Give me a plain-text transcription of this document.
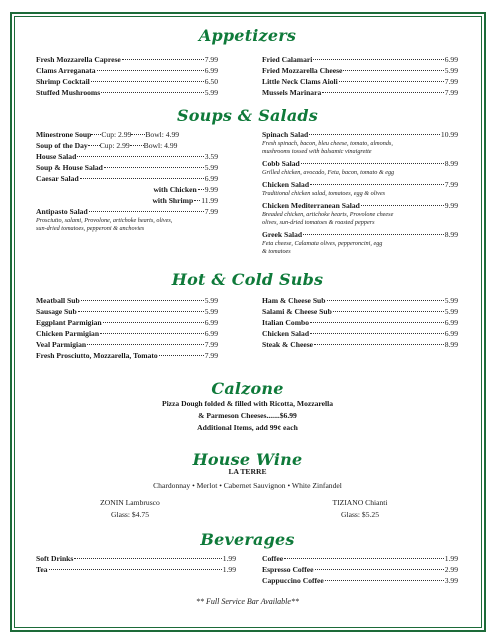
Appetizers
Fresh Mozzarella Caprese	7.99
Clams Arreganata	6.99
Shrimp Cocktail	6.50
Stuffed Mushrooms	5.99
Fried Calamari	6.99
Fried Mozzarella Cheese	5.99
Little Neck Clams Aioli	7.99
Mussels Marinara	7.99
Soups & Salads
Minestrone Soup Cup: 2.99 Bowl: 4.99
Soup of the Day Cup: 2.99 Bowl: 4.99
House Salad	3.59
Soup & House Salad	5.99
Caesar Salad	6.99
with Chicken 9.99
with Shrimp 11.99
Antipasto Salad	7.99
Prosciutto, salami, Provolone, artichoke hearts, olives,
sun-dried tomatoes, pepperoni & anchovies
Spinach Salad	10.99
Fresh spinach, bacon, bleu cheese, tomato, almonds,
mushrooms tossed with balsamic vinaigrette
Cobb Salad	8.99
Grilled chicken, avocado, Feta, bacon, tomato & egg
Chicken Salad	7.99
Traditional chicken salad, tomatoes, egg & olives
Chicken Mediterranean Salad	9.99
Breaded chicken, artichoke hearts, Provolone cheese
olives, sun-dried tomatoes & roasted peppers
Greek Salad	8.99
Feta cheese, Calamata olives, pepperoncini, egg
& tomatoes
Hot & Cold Subs
Meatball Sub	5.99
Sausage Sub	5.99
Eggplant Parmigian	6.99
Chicken Parmigian	6.99
Veal Parmigian	7.99
Fresh Prosciutto, Mozzarella, Tomato	7.99
Ham & Cheese Sub	5.99
Salami & Cheese Sub	5.99
Italian Combo	6.99
Chicken Salad	6.99
Steak & Cheese	8.99
Calzone
Pizza Dough folded & filled with Ricotta, Mozzarella
& Parmeson Cheeses.......$6.99
Additional Items, add 99¢ each
House Wine
LA TERRE
Chardonnay • Merlot • Cabernet Sauvignon • White Zinfandel
ZONIN Lambrusco
Glass: $4.75
TIZIANO Chianti
Glass: $5.25
Beverages
Soft Drinks	1.99
Tea	1.99
Coffee	1.99
Espresso Coffee	2.99
Cappuccino Coffee	3.99
** Full Service Bar Available**
